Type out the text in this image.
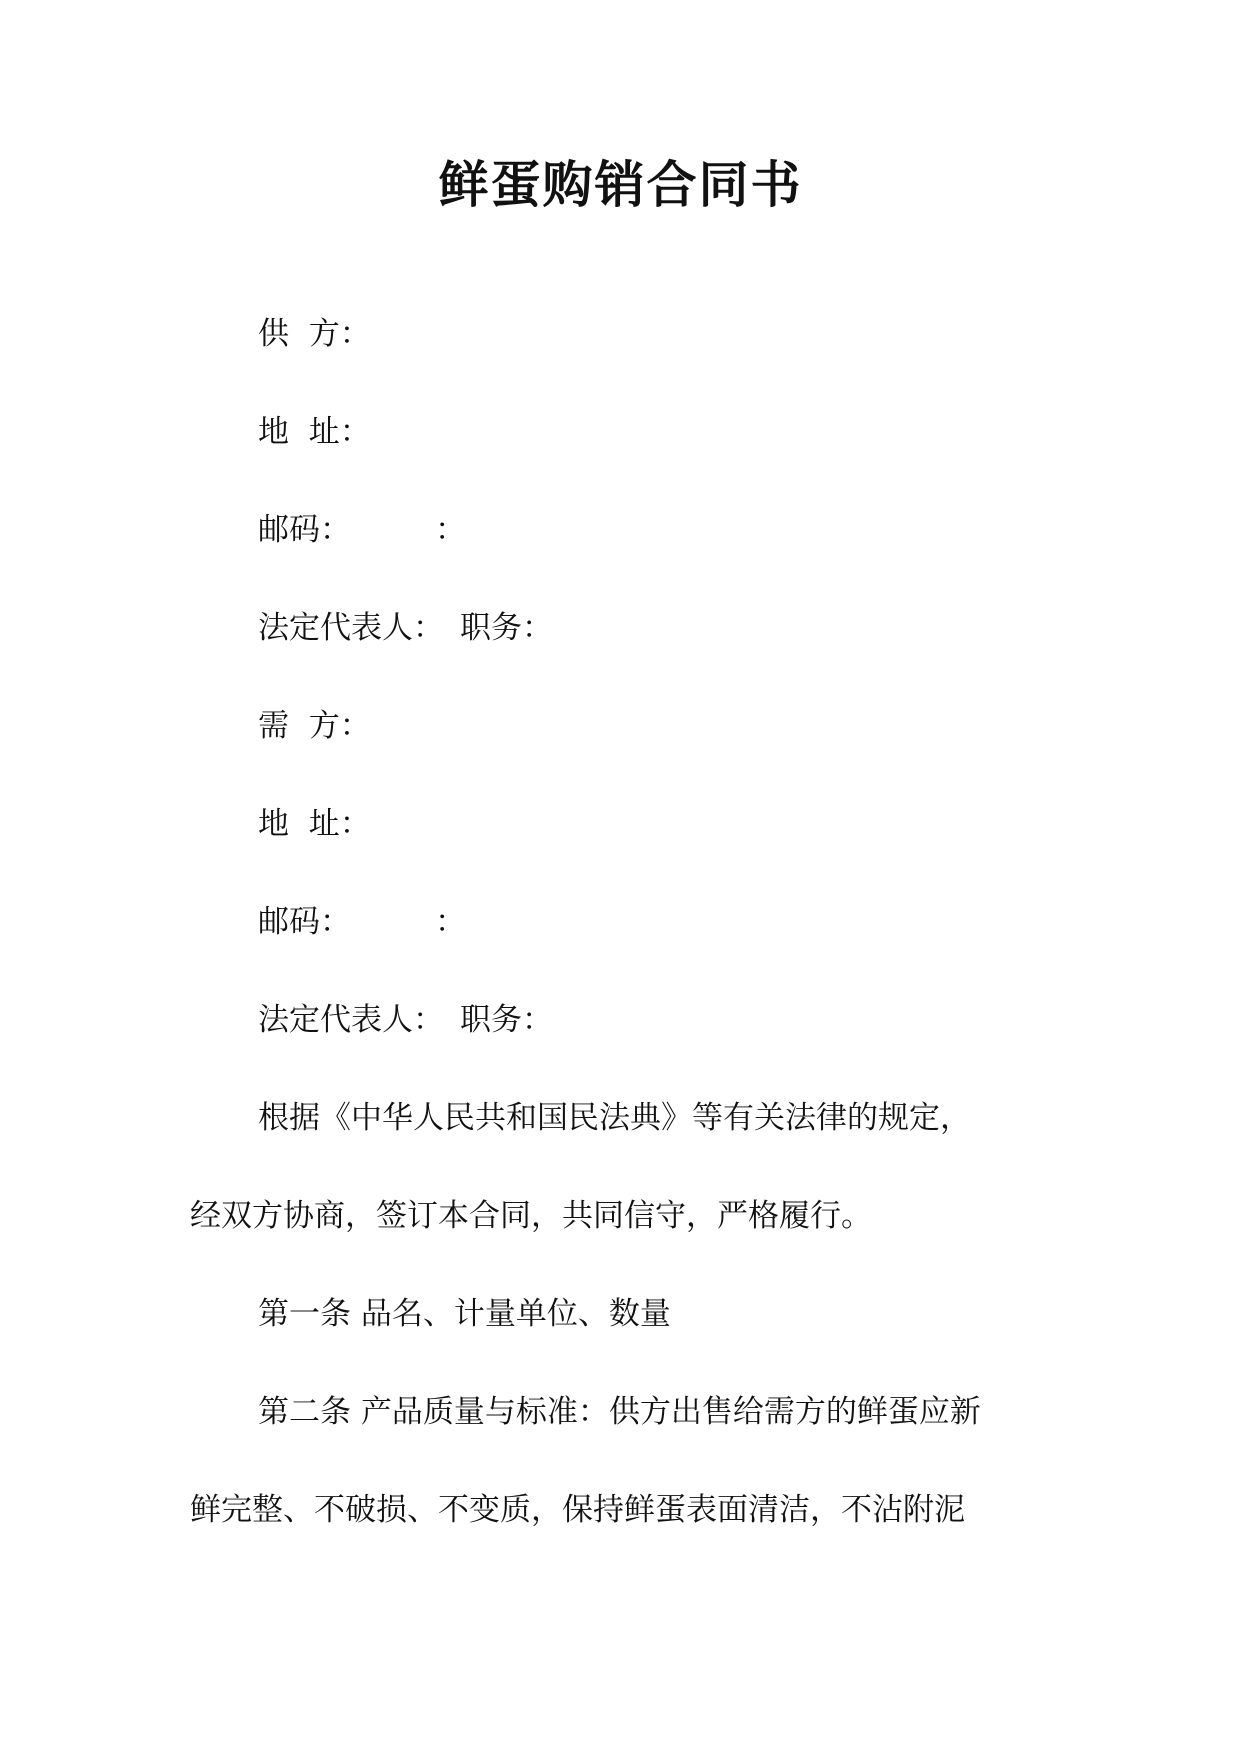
鲜蛋购销合同书
供  方：
地  址：
邮码：	：
法定代表人： 职务：
需  方：
地  址：
邮码：	：
法定代表人： 职务：
根据《中华人民共和国民法典》等有关法律的规定，
经双方协商，签订本合同，共同信守，严格履行。
第一条 品名、计量单位、数量
第二条 产品质量与标准：供方出售给需方的鲜蛋应新
鲜完整、不破损、不变质，保持鲜蛋表面清洁，不沾附泥
